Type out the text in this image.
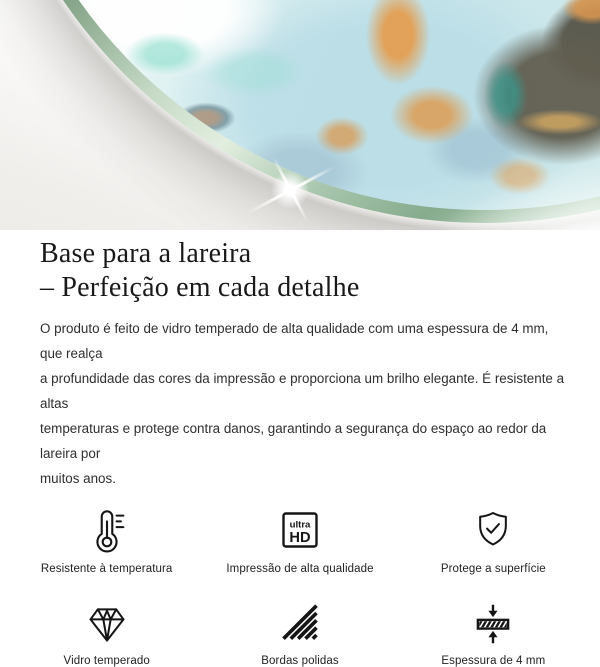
Base para a lareira
– Perfeição em cada detalhe
O produto é feito de vidro temperado de alta qualidade com uma espessura de 4 mm, que realça
a profundidade das cores da impressão e proporciona um brilho elegante. É resistente a altas
temperaturas e protege contra danos, garantindo a segurança do espaço ao redor da lareira por
muitos anos.
Resistente à temperatura
ultra
HD
Impressão de alta qualidade	Protege a superfície
Vidro temperado	Bordas polidas	Espessura de 4 mm
